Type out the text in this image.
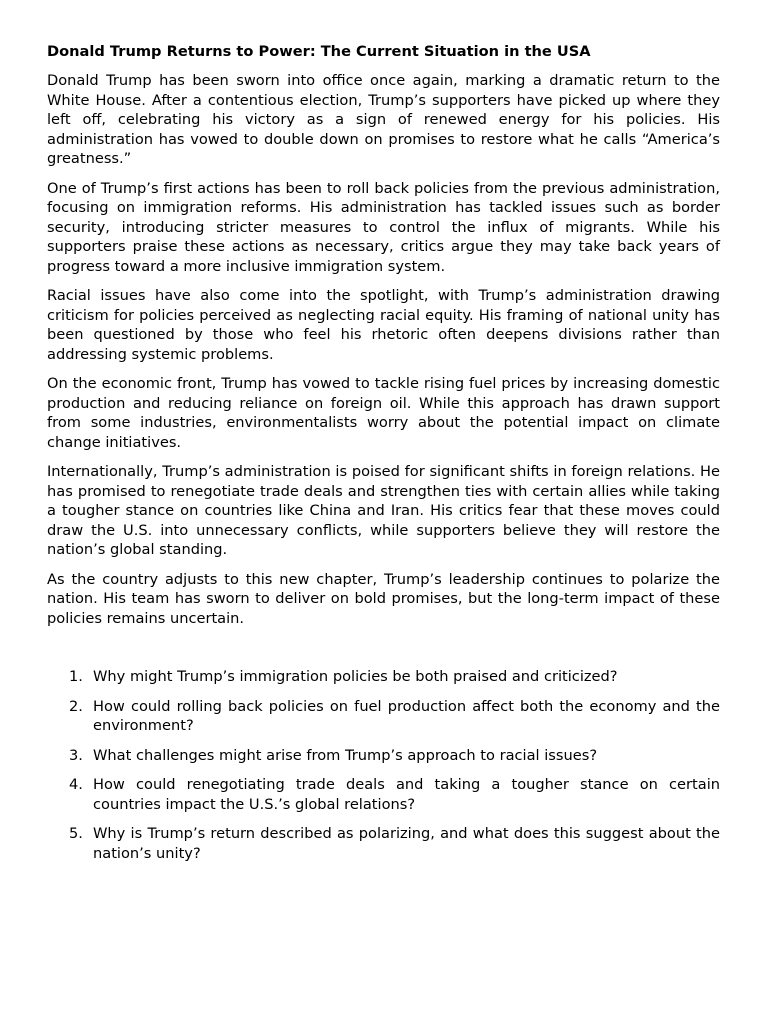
Donald Trump Returns to Power: The Current Situation in the USA

Donald Trump has been sworn into office once again, marking a dramatic return to the White House. After a contentious election, Trump’s supporters have picked up where they left off, celebrating his victory as a sign of renewed energy for his policies. His administration has vowed to double down on promises to restore what he calls “America’s greatness.”

One of Trump’s first actions has been to roll back policies from the previous administration, focusing on immigration reforms. His administration has tackled issues such as border security, introducing stricter measures to control the influx of migrants. While his supporters praise these actions as necessary, critics argue they may take back years of progress toward a more inclusive immigration system.

Racial issues have also come into the spotlight, with Trump’s administration drawing criticism for policies perceived as neglecting racial equity. His framing of national unity has been questioned by those who feel his rhetoric often deepens divisions rather than addressing systemic problems.

On the economic front, Trump has vowed to tackle rising fuel prices by increasing domestic production and reducing reliance on foreign oil. While this approach has drawn support from some industries, environmentalists worry about the potential impact on climate change initiatives.

Internationally, Trump’s administration is poised for significant shifts in foreign relations. He has promised to renegotiate trade deals and strengthen ties with certain allies while taking a tougher stance on countries like China and Iran. His critics fear that these moves could draw the U.S. into unnecessary conflicts, while supporters believe they will restore the nation’s global standing.

As the country adjusts to this new chapter, Trump’s leadership continues to polarize the nation. His team has sworn to deliver on bold promises, but the long-term impact of these policies remains uncertain.

1. Why might Trump’s immigration policies be both praised and criticized?
2. How could rolling back policies on fuel production affect both the economy and the environment?
3. What challenges might arise from Trump’s approach to racial issues?
4. How could renegotiating trade deals and taking a tougher stance on certain countries impact the U.S.’s global relations?
5. Why is Trump’s return described as polarizing, and what does this suggest about the nation’s unity?
